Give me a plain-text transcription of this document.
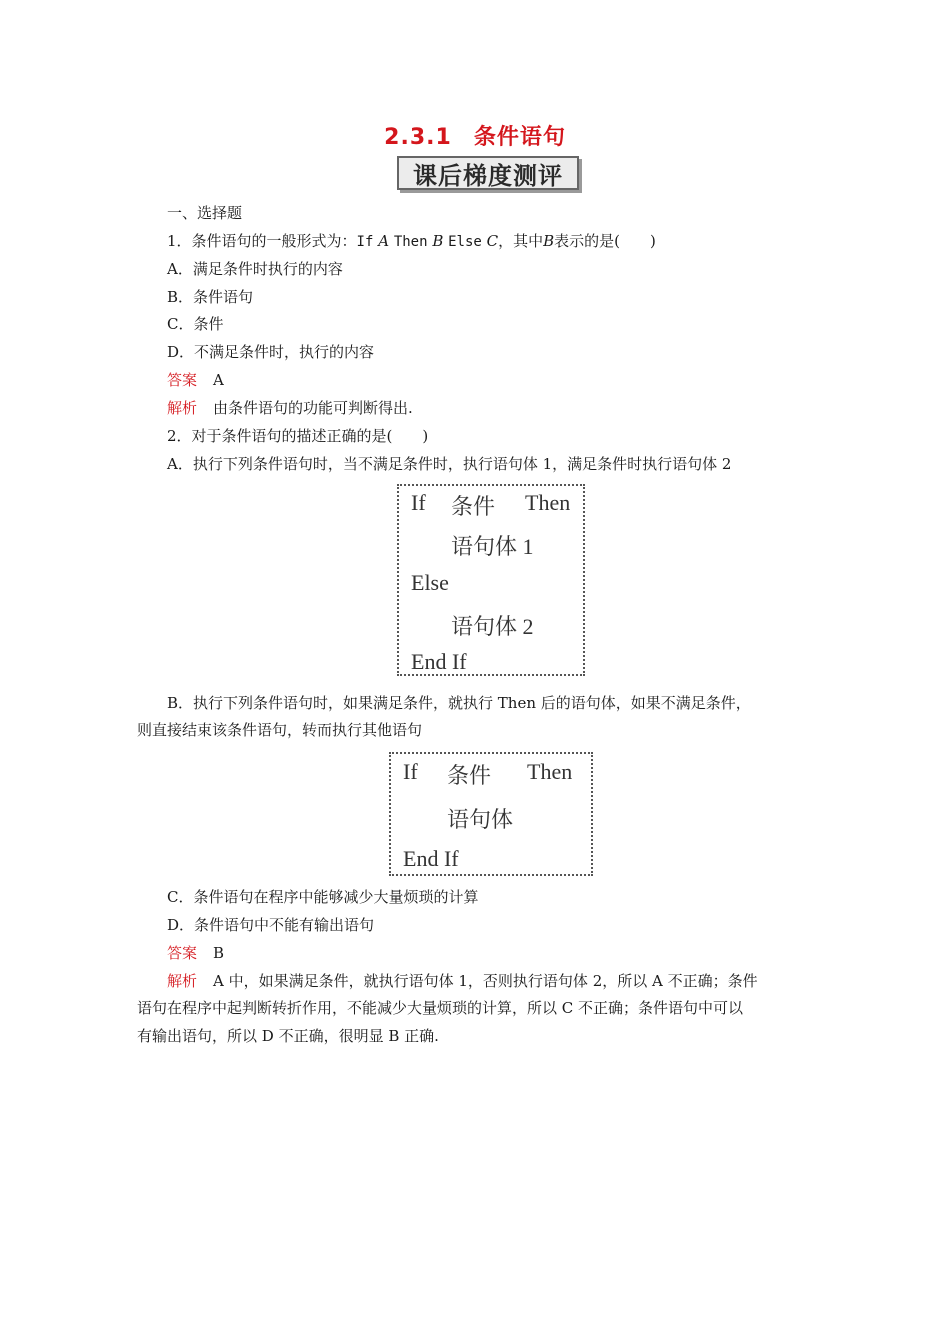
2.3.1 条件语句
课后梯度测评
一、选择题
1．条件语句的一般形式为：If A Then B Else C，其中B表示的是(　　)
A．满足条件时执行的内容
B．条件语句
C．条件
D．不满足条件时，执行的内容
答案 A
解析 由条件语句的功能可判断得出.
2．对于条件语句的描述正确的是(　　)
A．执行下列条件语句时，当不满足条件时，执行语句体 1，满足条件时执行语句体 2
If 条件 Then
语句体 1
Else
语句体 2
End If
B．执行下列条件语句时，如果满足条件，就执行 Then 后的语句体，如果不满足条件，
则直接结束该条件语句，转而执行其他语句
If 条件 Then
语句体
End If
C．条件语句在程序中能够减少大量烦琐的计算
D．条件语句中不能有输出语句
答案 B
解析 A 中，如果满足条件，就执行语句体 1，否则执行语句体 2，所以 A 不正确；条件
语句在程序中起判断转折作用，不能减少大量烦琐的计算，所以 C 不正确；条件语句中可以
有输出语句，所以 D 不正确，很明显 B 正确.
